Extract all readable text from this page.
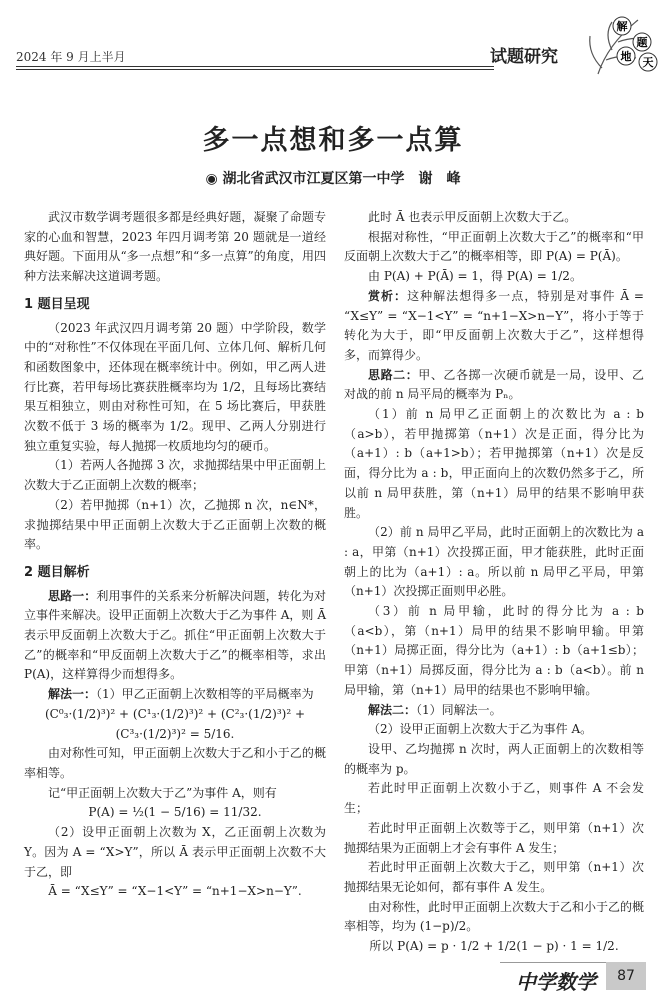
2024 年 9 月上半月	试题研究
解
题
地 天
多一点想和多一点算
◉ 湖北省武汉市江夏区第一中学　谢　峰

武汉市数学调考题很多都是经典好题，凝聚了命题专家的心血和智慧，2023 年四月调考第 20 题就是一道经典好题。下面用从“多一点想”和“多一点算”的角度，用四种方法来解决这道调考题。

1 题目呈现

（2023 年武汉四月调考第 20 题）中学阶段，数学中的“对称性”不仅体现在平面几何、立体几何、解析几何和函数图象中，还体现在概率统计中。例如，甲乙两人进行比赛，若甲每场比赛获胜概率均为 1/2，且每场比赛结果互相独立，则由对称性可知，在 5 场比赛后，甲获胜次数不低于 3 场的概率为 1/2。现甲、乙两人分别进行独立重复实验，每人抛掷一枚质地均匀的硬币。

（1）若两人各抛掷 3 次，求抛掷结果中甲正面朝上次数大于乙正面朝上次数的概率；

（2）若甲抛掷（n+1）次，乙抛掷 n 次，n∈N*，求抛掷结果中甲正面朝上次数大于乙正面朝上次数的概率。

2 题目解析

思路一：利用事件的关系来分析解决问题，转化为对立事件来解决。设甲正面朝上次数大于乙为事件 A，则 Ā 表示甲反面朝上次数大于乙。抓住“甲正面朝上次数大于乙”的概率和“甲反面朝上次数大于乙”的概率相等，求出 P(A)，这样算得少而想得多。

解法一：（1）甲乙正面朝上次数相等的平局概率为

(C⁰₃·(1/2)³)² + (C¹₃·(1/2)³)² + (C²₃·(1/2)³)² + (C³₃·(1/2)³)² = 5/16.

由对称性可知，甲正面朝上次数大于乙和小于乙的概率相等。

记“甲正面朝上次数大于乙”为事件 A，则有

P(A) = ½(1 − 5/16) = 11/32.

（2）设甲正面朝上次数为 X，乙正面朝上次数为 Y。因为 A = “X>Y”，所以 Ā 表示甲正面朝上次数不大于乙，即

Ā = “X≤Y” = “X−1<Y” = “n+1−X>n−Y”.

此时 Ā 也表示甲反面朝上次数大于乙。

根据对称性，“甲正面朝上次数大于乙”的概率和“甲反面朝上次数大于乙”的概率相等，即 P(A) = P(Ā)。

由 P(A) + P(Ā) = 1，得 P(A) = 1/2。

赏析：这种解法想得多一点，特别是对事件 Ā = “X≤Y” = “X−1<Y” = “n+1−X>n−Y”，将小于等于转化为大于，即“甲反面朝上次数大于乙”，这样想得多，而算得少。

思路二：甲、乙各掷一次硬币就是一局，设甲、乙对战的前 n 局平局的概率为 Pₙ。

（1）前 n 局甲乙正面朝上的次数比为 a : b（a>b），若甲抛掷第（n+1）次是正面，得分比为（a+1）: b（a+1>b）；若甲抛掷第（n+1）次是反面，得分比为 a : b，甲正面向上的次数仍然多于乙，所以前 n 局甲获胜，第（n+1）局甲的结果不影响甲获胜。

（2）前 n 局甲乙平局，此时正面朝上的次数比为 a : a，甲第（n+1）次投掷正面，甲才能获胜，此时正面朝上的比为（a+1）: a。所以前 n 局甲乙平局，甲第（n+1）次投掷正面则甲必胜。

（3）前 n 局甲输，此时的得分比为 a : b（a<b），第（n+1）局甲的结果不影响甲输。甲第（n+1）局掷正面，得分比为（a+1）: b（a+1≤b）；甲第（n+1）局掷反面，得分比为 a : b（a<b）。前 n 局甲输，第（n+1）局甲的结果也不影响甲输。

解法二：（1）同解法一。

（2）设甲正面朝上次数大于乙为事件 A。

设甲、乙均抛掷 n 次时，两人正面朝上的次数相等的概率为 p。

若此时甲正面朝上次数小于乙，则事件 A 不会发生；

若此时甲正面朝上次数等于乙，则甲第（n+1）次抛掷结果为正面朝上才会有事件 A 发生；

若此时甲正面朝上次数大于乙，则甲第（n+1）次抛掷结果无论如何，都有事件 A 发生。

由对称性，此时甲正面朝上次数大于乙和小于乙的概率相等，均为 (1−p)/2。

所以 P(A) = p · 1/2 + 1/2(1 − p) · 1 = 1/2.

中学数学	87
